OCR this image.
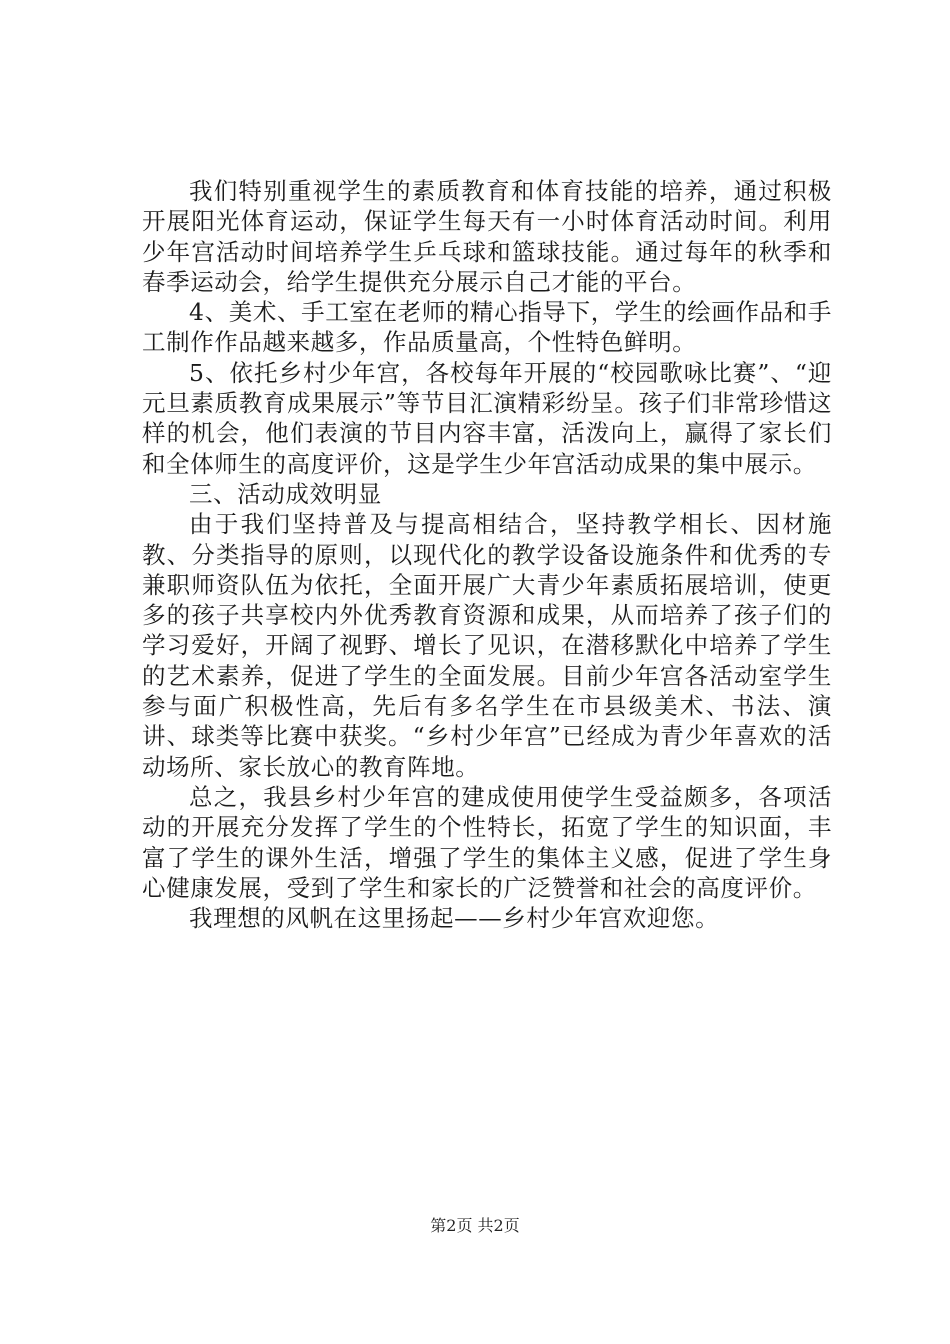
我们特别重视学生的素质教育和体育技能的培养，通过积极开展阳光体育运动，保证学生每天有一小时体育活动时间。利用少年宫活动时间培养学生乒乓球和篮球技能。通过每年的秋季和春季运动会，给学生提供充分展示自己才能的平台。

4、美术、手工室在老师的精心指导下，学生的绘画作品和手工制作作品越来越多，作品质量高，个性特色鲜明。

5、依托乡村少年宫，各校每年开展的“校园歌咏比赛”、“迎元旦素质教育成果展示”等节目汇演精彩纷呈。孩子们非常珍惜这样的机会，他们表演的节目内容丰富，活泼向上，赢得了家长们和全体师生的高度评价，这是学生少年宫活动成果的集中展示。

三、活动成效明显

由于我们坚持普及与提高相结合，坚持教学相长、因材施教、分类指导的原则，以现代化的教学设备设施条件和优秀的专兼职师资队伍为依托，全面开展广大青少年素质拓展培训，使更多的孩子共享校内外优秀教育资源和成果，从而培养了孩子们的学习爱好，开阔了视野、增长了见识，在潜移默化中培养了学生的艺术素养，促进了学生的全面发展。目前少年宫各活动室学生参与面广积极性高，先后有多名学生在市县级美术、书法、演讲、球类等比赛中获奖。“乡村少年宫”已经成为青少年喜欢的活动场所、家长放心的教育阵地。

总之，我县乡村少年宫的建成使用使学生受益颇多，各项活动的开展充分发挥了学生的个性特长，拓宽了学生的知识面，丰富了学生的课外生活，增强了学生的集体主义感，促进了学生身心健康发展，受到了学生和家长的广泛赞誉和社会的高度评价。

我理想的风帆在这里扬起——乡村少年宫欢迎您。

第2页 共2页
